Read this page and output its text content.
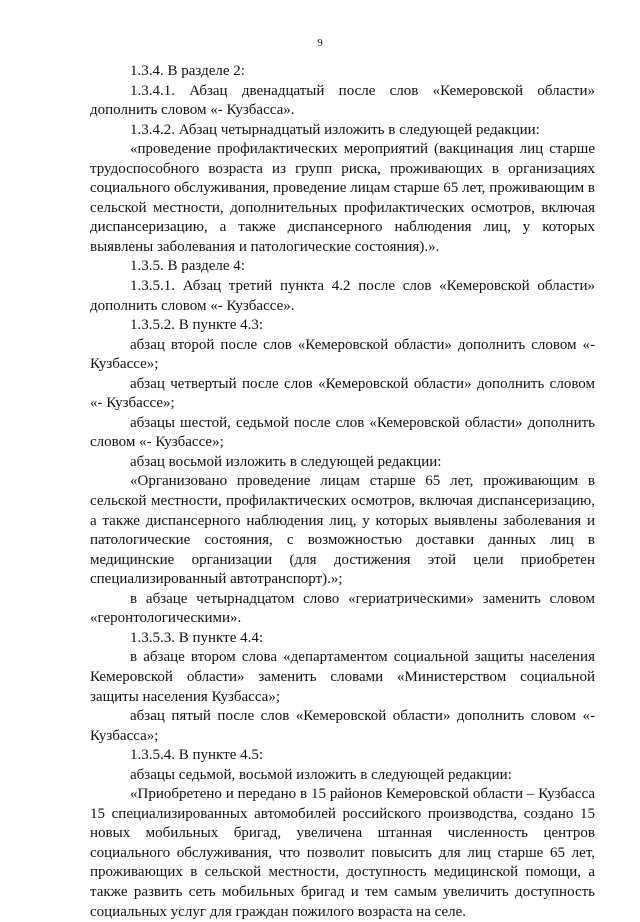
9

1.3.4. В разделе 2:

1.3.4.1. Абзац двенадцатый после слов «Кемеровской области» дополнить словом «- Кузбасса».

1.3.4.2. Абзац четырнадцатый изложить в следующей редакции:

«проведение профилактических мероприятий (вакцинация лиц старше трудоспособного возраста из групп риска, проживающих в организациях социального обслуживания, проведение лицам старше 65 лет, проживающим в сельской местности, дополнительных профилактических осмотров, включая диспансеризацию, а также диспансерного наблюдения лиц, у которых выявлены заболевания и патологические состояния).».

1.3.5. В разделе 4:

1.3.5.1. Абзац третий пункта 4.2 после слов «Кемеровской области» дополнить словом «- Кузбассе».

1.3.5.2. В пункте 4.3:

абзац второй после слов «Кемеровской области» дополнить словом «- Кузбассе»;

абзац четвертый после слов «Кемеровской области» дополнить словом «- Кузбассе»;

абзацы шестой, седьмой после слов «Кемеровской области» дополнить словом «- Кузбассе»;

абзац восьмой изложить в следующей редакции:

«Организовано проведение лицам старше 65 лет, проживающим в сельской местности, профилактических осмотров, включая диспансеризацию, а также диспансерного наблюдения лиц, у которых выявлены заболевания и патологические состояния, с возможностью доставки данных лиц в медицинские организации (для достижения этой цели приобретен специализированный автотранспорт).»;

в абзаце четырнадцатом слово «гериатрическими» заменить словом «геронтологическими».

1.3.5.3. В пункте 4.4:

в абзаце втором слова «департаментом социальной защиты населения Кемеровской области» заменить словами «Министерством социальной защиты населения Кузбасса»;

абзац пятый после слов «Кемеровской области» дополнить словом «- Кузбасса»;

1.3.5.4. В пункте 4.5:

абзацы седьмой, восьмой изложить в следующей редакции:

«Приобретено и передано в 15 районов Кемеровской области – Кузбасса 15 специализированных автомобилей российского производства, создано 15 новых мобильных бригад, увеличена штанная численность центров социального обслуживания, что позволит повысить для лиц старше 65 лет, проживающих в сельской местности, доступность медицинской помощи, а также развить сеть мобильных бригад и тем самым увеличить доступность социальных услуг для граждан пожилого возраста на селе.
